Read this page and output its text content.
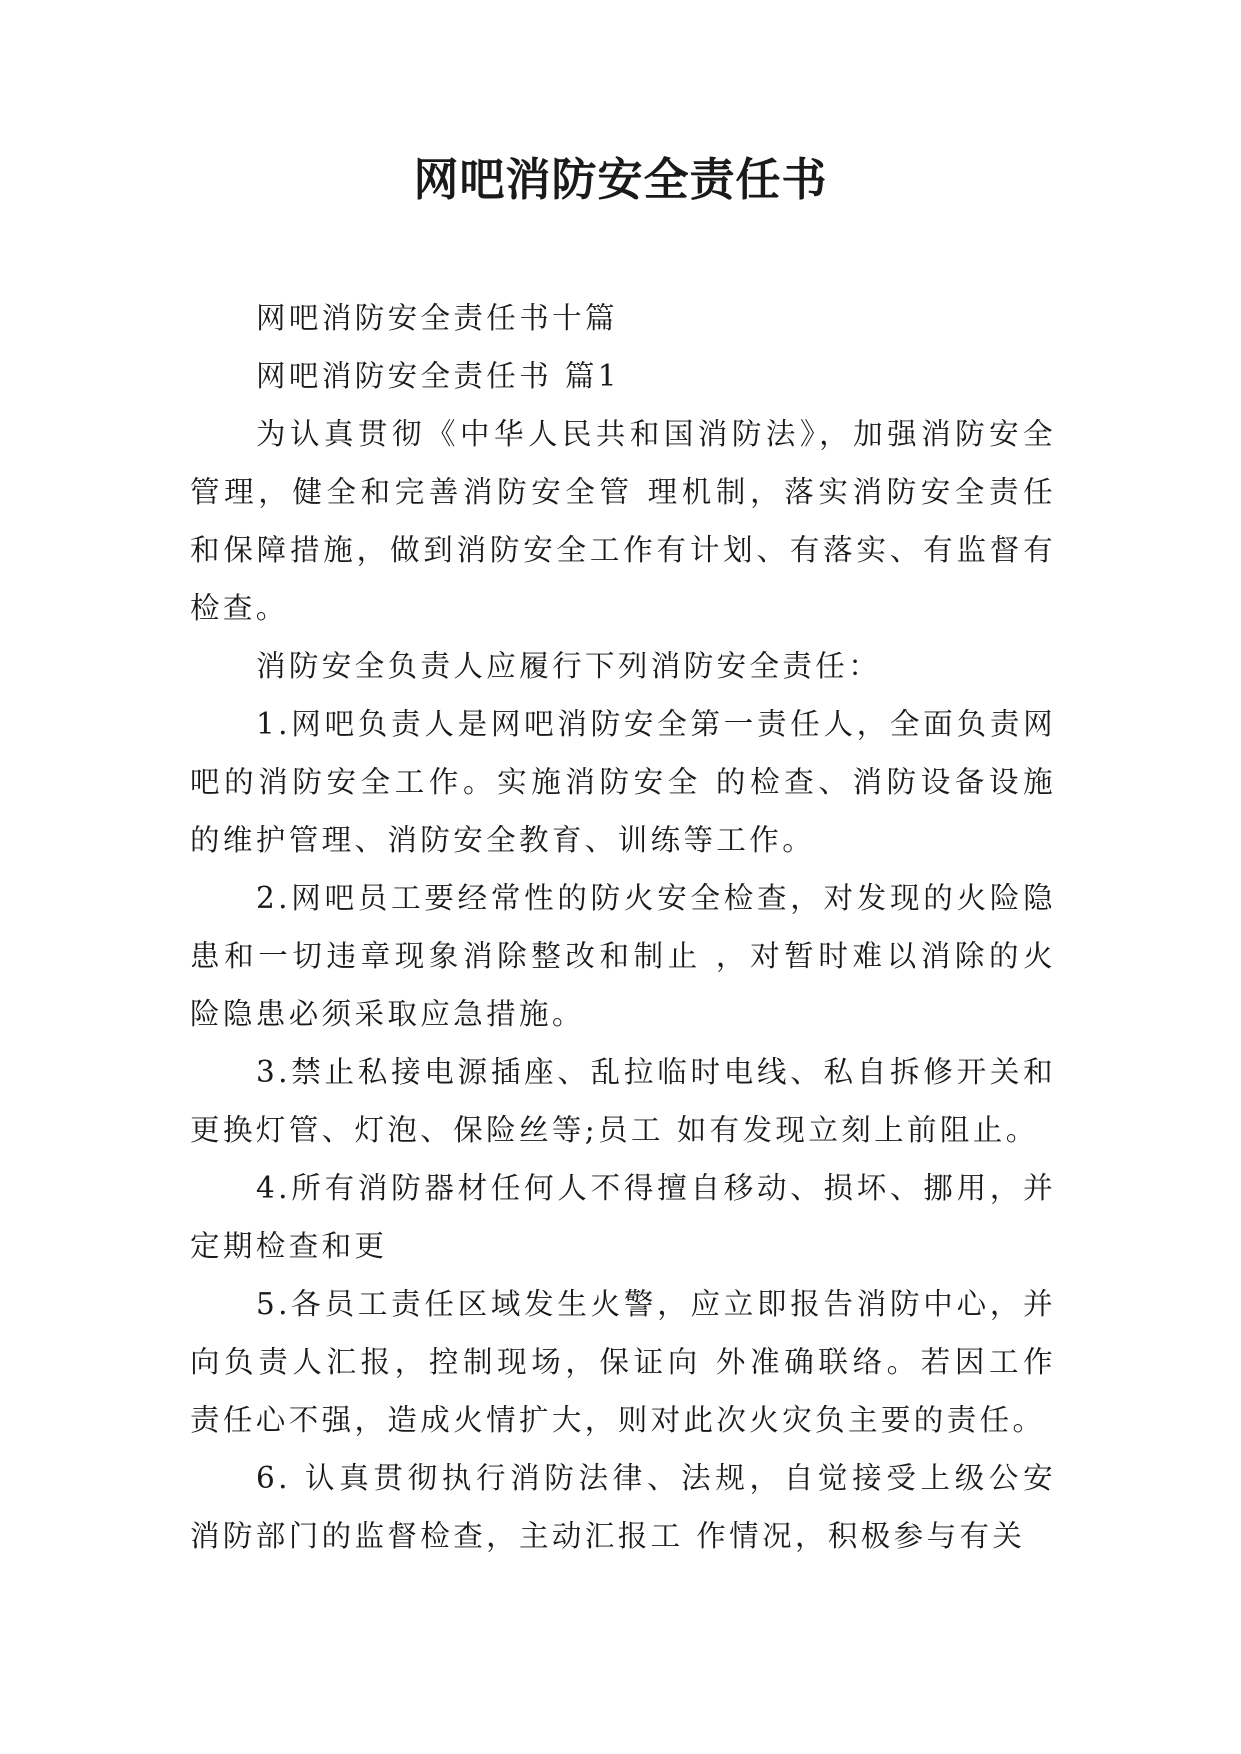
网吧消防安全责任书

网吧消防安全责任书十篇

网吧消防安全责任书 篇1

为认真贯彻《中华人民共和国消防法》，加强消防安全管理，健全和完善消防安全管 理机制，落实消防安全责任和保障措施，做到消防安全工作有计划、有落实、有监督有检查。

消防安全负责人应履行下列消防安全责任：

1.网吧负责人是网吧消防安全第一责任人，全面负责网吧的消防安全工作。实施消防安全 的检查、消防设备设施的维护管理、消防安全教育、训练等工作。

2.网吧员工要经常性的防火安全检查，对发现的火险隐患和一切违章现象消除整改和制止 ，对暂时难以消除的火险隐患必须采取应急措施。

3.禁止私接电源插座、乱拉临时电线、私自拆修开关和更换灯管、灯泡、保险丝等;员工 如有发现立刻上前阻止。

4.所有消防器材任何人不得擅自移动、损坏、挪用，并定期检查和更

5.各员工责任区域发生火警，应立即报告消防中心，并向负责人汇报，控制现场，保证向 外准确联络。若因工作责任心不强，造成火情扩大，则对此次火灾负主要的责任。

6. 认真贯彻执行消防法律、法规，自觉接受上级公安消防部门的监督检查，主动汇报工 作情况，积极参与有关
